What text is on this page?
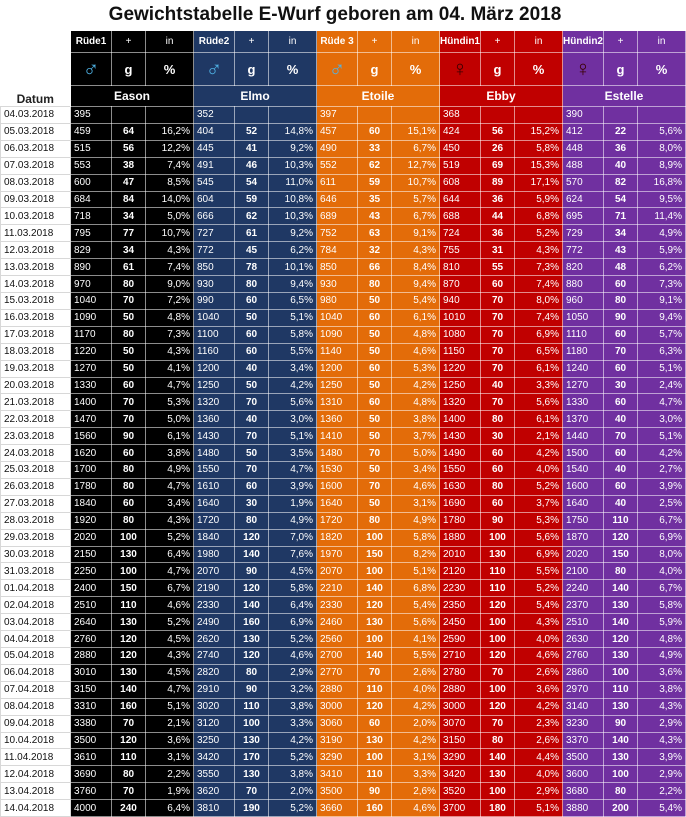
Gewichtstabelle E-Wurf geboren am 04. März 2018
	Rüde1	+	in	Rüde2	+	in	Rüde 3	+	in	Hündin1	+	in	Hündin2	+	in
	♂	g	%	♂	g	%	♂	g	%	♀	g	%	♀	g	%
Datum	Eason			Elmo			Etoile			Ebby			Estelle		
04.03.2018	395			352			397			368			390		
05.03.2018	459	64	16,2%	404	52	14,8%	457	60	15,1%	424	56	15,2%	412	22	5,6%
06.03.2018	515	56	12,2%	445	41	9,2%	490	33	6,7%	450	26	5,8%	448	36	8,0%
07.03.2018	553	38	7,4%	491	46	10,3%	552	62	12,7%	519	69	15,3%	488	40	8,9%
08.03.2018	600	47	8,5%	545	54	11,0%	611	59	10,7%	608	89	17,1%	570	82	16,8%
09.03.2018	684	84	14,0%	604	59	10,8%	646	35	5,7%	644	36	5,9%	624	54	9,5%
10.03.2018	718	34	5,0%	666	62	10,3%	689	43	6,7%	688	44	6,8%	695	71	11,4%
11.03.2018	795	77	10,7%	727	61	9,2%	752	63	9,1%	724	36	5,2%	729	34	4,9%
12.03.2018	829	34	4,3%	772	45	6,2%	784	32	4,3%	755	31	4,3%	772	43	5,9%
13.03.2018	890	61	7,4%	850	78	10,1%	850	66	8,4%	810	55	7,3%	820	48	6,2%
14.03.2018	970	80	9,0%	930	80	9,4%	930	80	9,4%	870	60	7,4%	880	60	7,3%
15.03.2018	1040	70	7,2%	990	60	6,5%	980	50	5,4%	940	70	8,0%	960	80	9,1%
16.03.2018	1090	50	4,8%	1040	50	5,1%	1040	60	6,1%	1010	70	7,4%	1050	90	9,4%
17.03.2018	1170	80	7,3%	1100	60	5,8%	1090	50	4,8%	1080	70	6,9%	1110	60	5,7%
18.03.2018	1220	50	4,3%	1160	60	5,5%	1140	50	4,6%	1150	70	6,5%	1180	70	6,3%
19.03.2018	1270	50	4,1%	1200	40	3,4%	1200	60	5,3%	1220	70	6,1%	1240	60	5,1%
20.03.2018	1330	60	4,7%	1250	50	4,2%	1250	50	4,2%	1250	40	3,3%	1270	30	2,4%
21.03.2018	1400	70	5,3%	1320	70	5,6%	1310	60	4,8%	1320	70	5,6%	1330	60	4,7%
22.03.2018	1470	70	5,0%	1360	40	3,0%	1360	50	3,8%	1400	80	6,1%	1370	40	3,0%
23.03.2018	1560	90	6,1%	1430	70	5,1%	1410	50	3,7%	1430	30	2,1%	1440	70	5,1%
24.03.2018	1620	60	3,8%	1480	50	3,5%	1480	70	5,0%	1490	60	4,2%	1500	60	4,2%
25.03.2018	1700	80	4,9%	1550	70	4,7%	1530	50	3,4%	1550	60	4,0%	1540	40	2,7%
26.03.2018	1780	80	4,7%	1610	60	3,9%	1600	70	4,6%	1630	80	5,2%	1600	60	3,9%
27.03.2018	1840	60	3,4%	1640	30	1,9%	1640	50	3,1%	1690	60	3,7%	1640	40	2,5%
28.03.2018	1920	80	4,3%	1720	80	4,9%	1720	80	4,9%	1780	90	5,3%	1750	110	6,7%
29.03.2018	2020	100	5,2%	1840	120	7,0%	1820	100	5,8%	1880	100	5,6%	1870	120	6,9%
30.03.2018	2150	130	6,4%	1980	140	7,6%	1970	150	8,2%	2010	130	6,9%	2020	150	8,0%
31.03.2018	2250	100	4,7%	2070	90	4,5%	2070	100	5,1%	2120	110	5,5%	2100	80	4,0%
01.04.2018	2400	150	6,7%	2190	120	5,8%	2210	140	6,8%	2230	110	5,2%	2240	140	6,7%
02.04.2018	2510	110	4,6%	2330	140	6,4%	2330	120	5,4%	2350	120	5,4%	2370	130	5,8%
03.04.2018	2640	130	5,2%	2490	160	6,9%	2460	130	5,6%	2450	100	4,3%	2510	140	5,9%
04.04.2018	2760	120	4,5%	2620	130	5,2%	2560	100	4,1%	2590	100	4,0%	2630	120	4,8%
05.04.2018	2880	120	4,3%	2740	120	4,6%	2700	140	5,5%	2710	120	4,6%	2760	130	4,9%
06.04.2018	3010	130	4,5%	2820	80	2,9%	2770	70	2,6%	2780	70	2,6%	2860	100	3,6%
07.04.2018	3150	140	4,7%	2910	90	3,2%	2880	110	4,0%	2880	100	3,6%	2970	110	3,8%
08.04.2018	3310	160	5,1%	3020	110	3,8%	3000	120	4,2%	3000	120	4,2%	3140	130	4,3%
09.04.2018	3380	70	2,1%	3120	100	3,3%	3060	60	2,0%	3070	70	2,3%	3230	90	2,9%
10.04.2018	3500	120	3,6%	3250	130	4,2%	3190	130	4,2%	3150	80	2,6%	3370	140	4,3%
11.04.2018	3610	110	3,1%	3420	170	5,2%	3290	100	3,1%	3290	140	4,4%	3500	130	3,9%
12.04.2018	3690	80	2,2%	3550	130	3,8%	3410	110	3,3%	3420	130	4,0%	3600	100	2,9%
13.04.2018	3760	70	1,9%	3620	70	2,0%	3500	90	2,6%	3520	100	2,9%	3680	80	2,2%
14.04.2018	4000	240	6,4%	3810	190	5,2%	3660	160	4,6%	3700	180	5,1%	3880	200	5,4%
